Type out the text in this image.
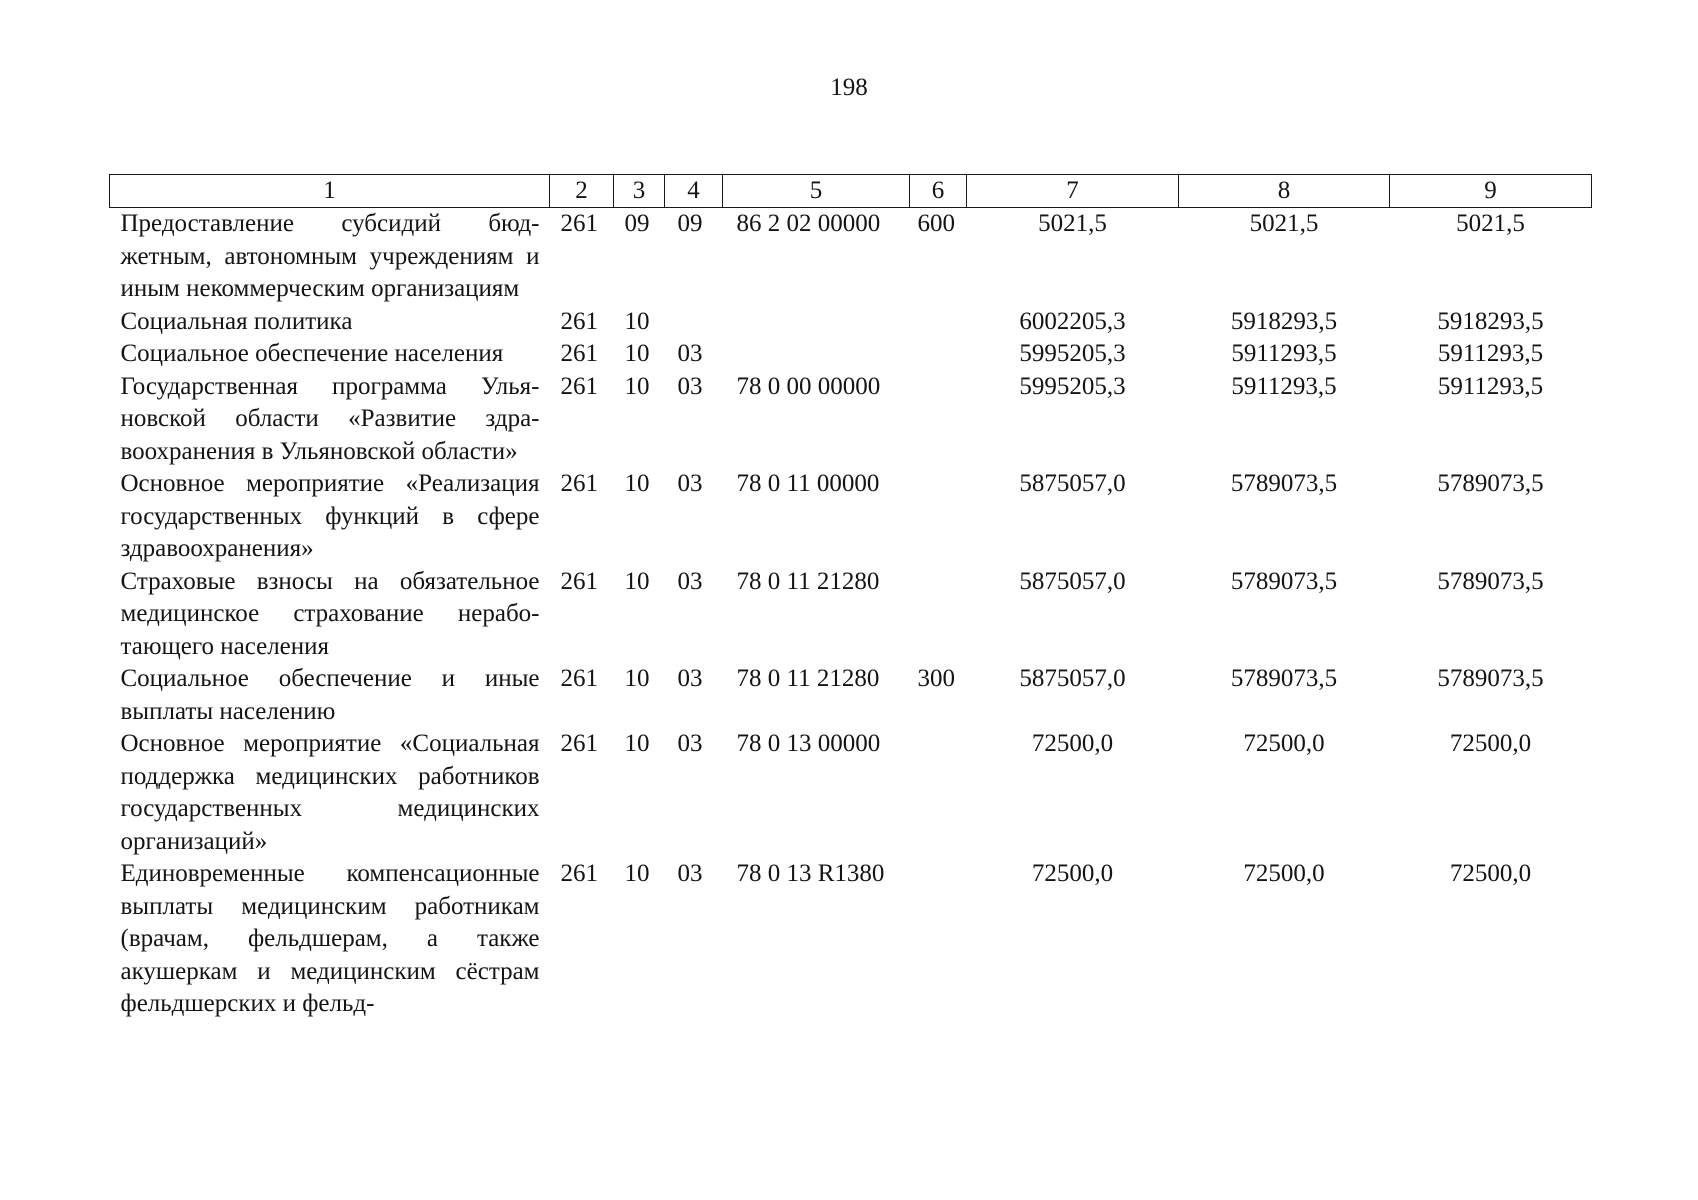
198
1	2	3	4	5	6	7	8	9
Предоставление субсидий бюджетным, автономным учреждениям и иным некоммерческим организациям	261	09	09	86 2 02 00000	600	5021,5	5021,5	5021,5
Социальная политика	261	10				6002205,3	5918293,5	5918293,5
Социальное обеспечение населения	261	10	03			5995205,3	5911293,5	5911293,5
Государственная программа Ульяновской области «Развитие здравоохранения в Ульяновской области»	261	10	03	78 0 00 00000		5995205,3	5911293,5	5911293,5
Основное мероприятие «Реализация государственных функций в сфере здравоохранения»	261	10	03	78 0 11 00000		5875057,0	5789073,5	5789073,5
Страховые взносы на обязательное медицинское страхование неработающего населения	261	10	03	78 0 11 21280		5875057,0	5789073,5	5789073,5
Социальное обеспечение и иные выплаты населению	261	10	03	78 0 11 21280	300	5875057,0	5789073,5	5789073,5
Основное мероприятие «Социальная поддержка медицинских работников государственных медицинских организаций»	261	10	03	78 0 13 00000		72500,0	72500,0	72500,0
Единовременные компенсационные выплаты медицинским работникам (врачам, фельдшерам, а также акушеркам и медицинским сёстрам фельдшерских и фельд-	261	10	03	78 0 13 R1380		72500,0	72500,0	72500,0
